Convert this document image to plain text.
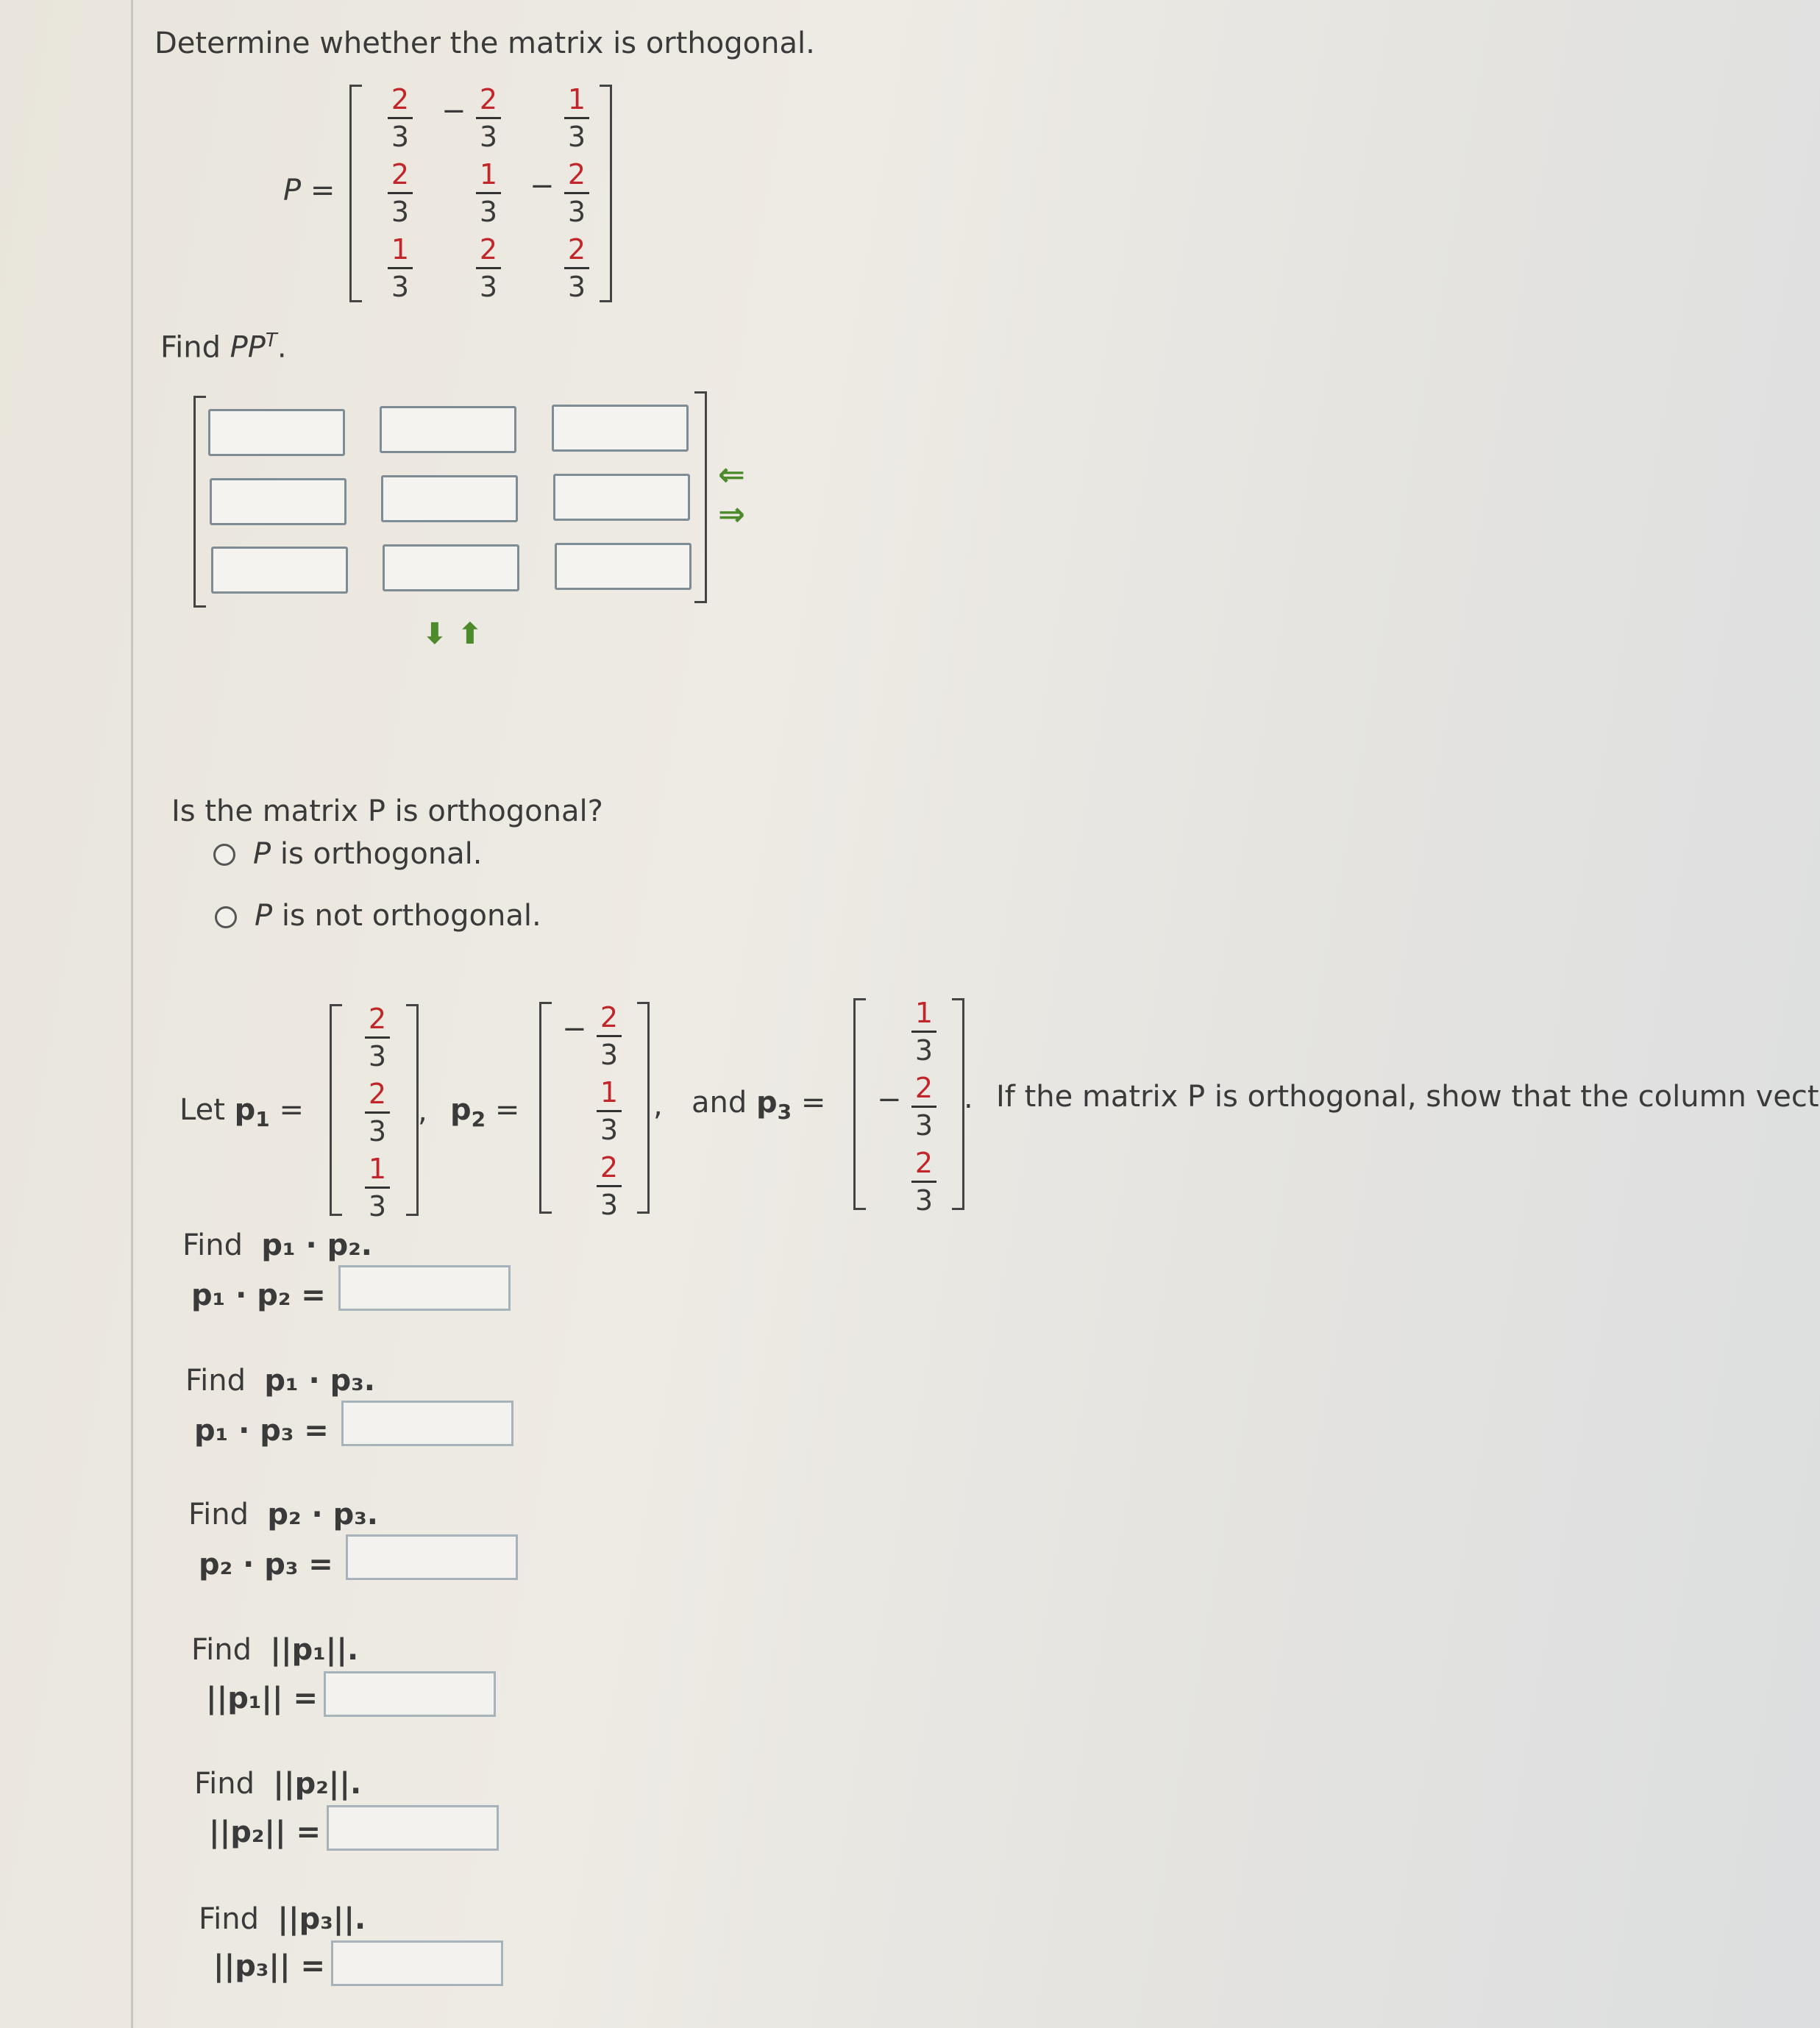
Determine whether the matrix is orthogonal.
P =
2
3
− 2
3
1
3
2
3
1
3
− 2
3
1
3
2
3
2
3
Find $PP^T$.
⇐
⇒
⬇ ⬆
Is the matrix P is orthogonal?
P is orthogonal.
P is not orthogonal.
Let $p_1$ =
2
3
2
3
1
3
, $p_2$ =
− 2
3
1
3
2
3
, and $p_3$ =
1
3
− 2
3
2
3
. If the matrix P is orthogonal, show that the column vect
Find p₁ · p₂.
p₁ · p₂ =
Find p₁ · p₃.
p₁ · p₃ =
Find p₂ · p₃.
p₂ · p₃ =
Find ||p₁||.
||p₁|| =
Find ||p₂||.
||p₂|| =
Find ||p₃||.
||p₃|| =
